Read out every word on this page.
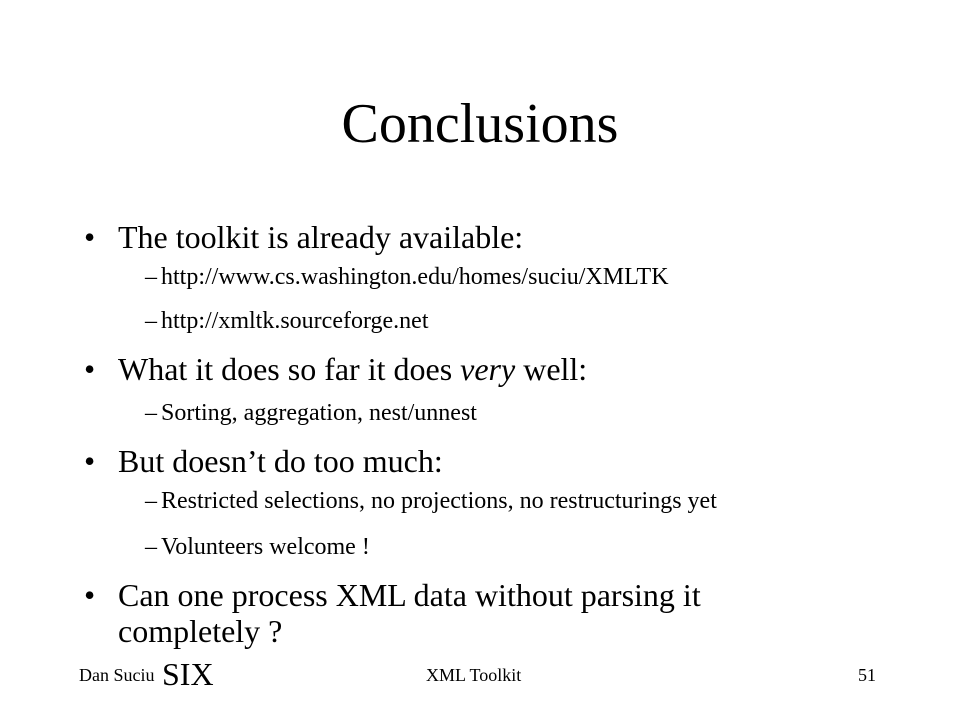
Conclusions
• The toolkit is already available:
– http://www.cs.washington.edu/homes/suciu/XMLTK
– http://xmltk.sourceforge.net
• What it does so far it does very well:
– Sorting, aggregation, nest/unnest
• But doesn’t do too much:
– Restricted selections, no projections, no restructurings yet
– Volunteers welcome !
• Can one process XML data without parsing it
completely ?
Dan Suciu SIX	XML Toolkit	51
